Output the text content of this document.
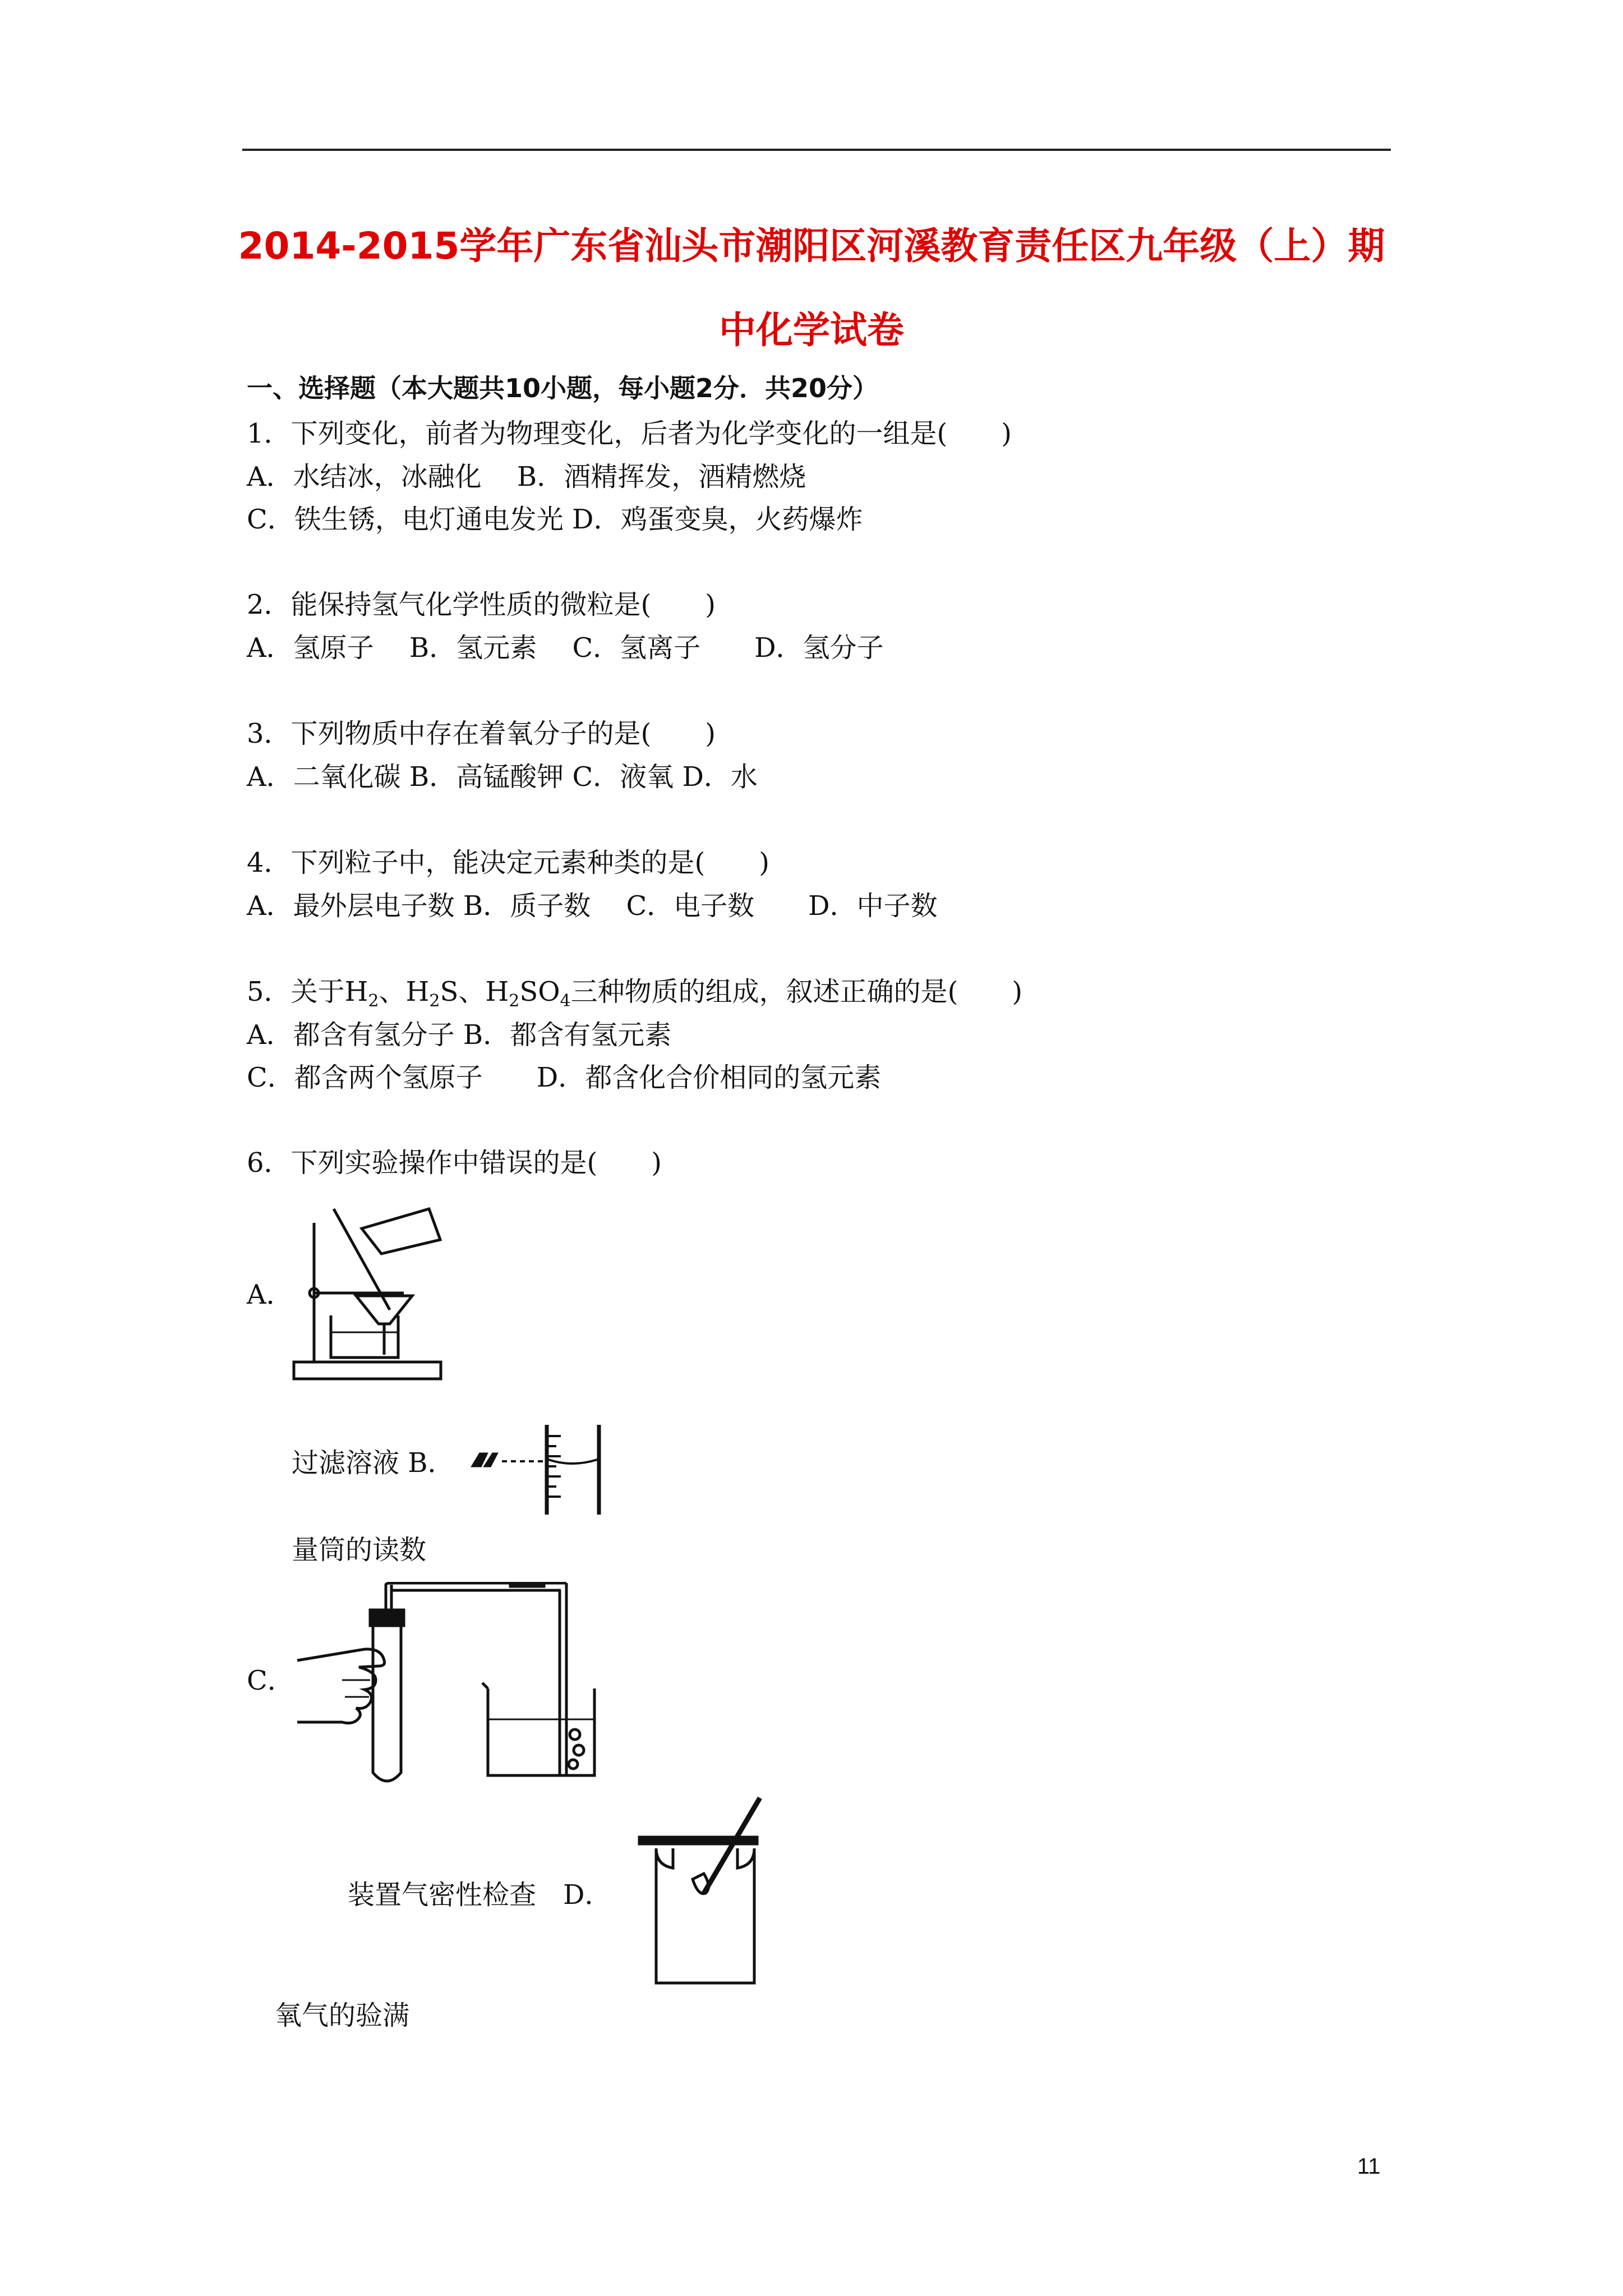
2014-2015学年广东省汕头市潮阳区河溪教育责任区九年级（上）期
中化学试卷
一、选择题（本大题共10小题，每小题2分．共20分）
1．下列变化，前者为物理变化，后者为化学变化的一组是(　　)
A．水结冰，冰融化　 B．酒精挥发，酒精燃烧
C．铁生锈，电灯通电发光 D．鸡蛋变臭，火药爆炸
2．能保持氢气化学性质的微粒是(　　)
A．氢原子　 B．氢元素　 C．氢离子　　D．氢分子
3．下列物质中存在着氧分子的是(　　)
A．二氧化碳 B．高锰酸钾 C．液氧 D．水
4．下列粒子中，能决定元素种类的是(　　)
A．最外层电子数 B．质子数　 C．电子数　　D．中子数
5．关于$H_2$、$H_2S$、$H_2SO_4$三种物质的组成，叙述正确的是(　　)
A．都含有氢分子 B．都含有氢元素
C．都含两个氢原子　　D．都含化合价相同的氢元素
6．下列实验操作中错误的是(　　)
A．
过滤溶液 B．
量筒的读数
C．
装置气密性检查　D．
氧气的验满
11
